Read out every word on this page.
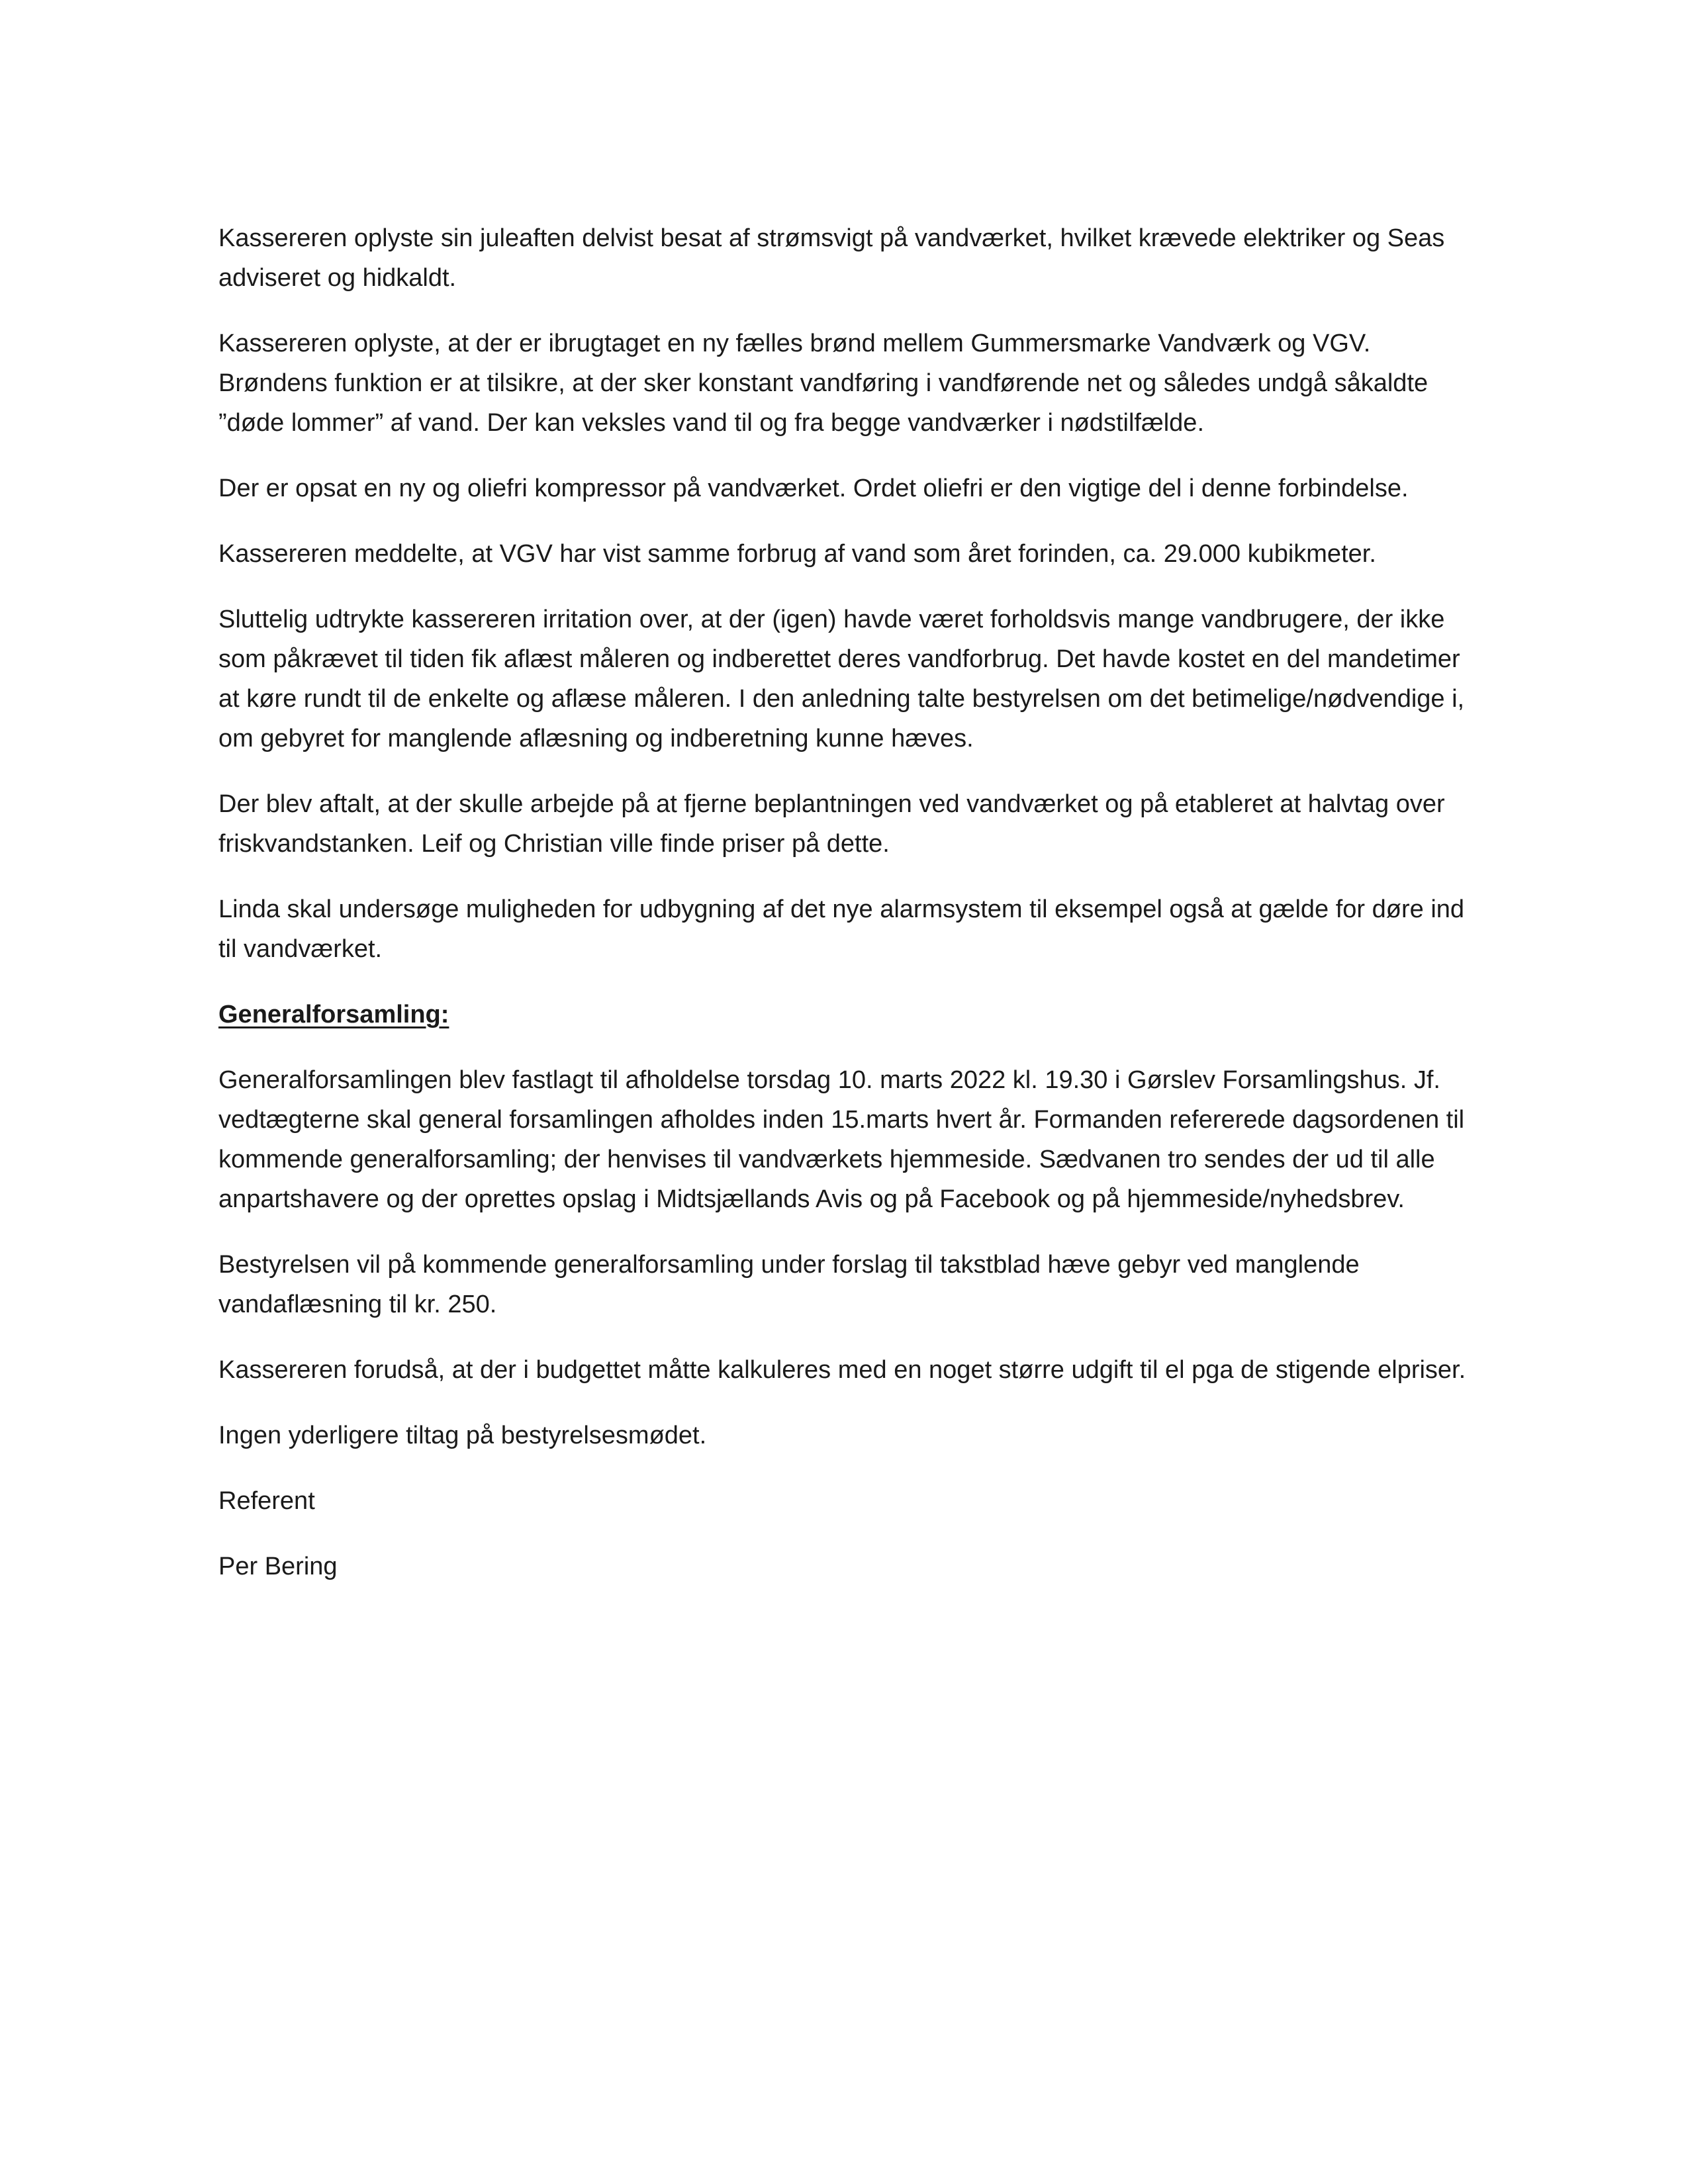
Kassereren oplyste sin juleaften delvist besat af strømsvigt på vandværket, hvilket krævede elektriker og Seas adviseret og hidkaldt.

Kassereren oplyste, at der er ibrugtaget en ny fælles brønd mellem Gummersmarke Vandværk og VGV. Brøndens funktion er at tilsikre, at der sker konstant vandføring i vandførende net og således undgå såkaldte ”døde lommer” af vand. Der kan veksles vand til og fra begge vandværker i nødstilfælde.

Der er opsat en ny og oliefri kompressor på vandværket. Ordet oliefri er den vigtige del i denne forbindelse.

Kassereren meddelte, at VGV har vist samme forbrug af vand som året forinden, ca. 29.000 kubikmeter.

Sluttelig udtrykte kassereren irritation over, at der (igen) havde været forholdsvis mange vandbrugere, der ikke som påkrævet til tiden fik aflæst måleren og indberettet deres vandforbrug. Det havde kostet en del mandetimer at køre rundt til de enkelte og aflæse måleren. I den anledning talte bestyrelsen om det betimelige/nødvendige i, om gebyret for manglende aflæsning og indberetning kunne hæves.

Der blev aftalt, at der skulle arbejde på at fjerne beplantningen ved vandværket og på etableret at halvtag over friskvandstanken. Leif og Christian ville finde priser på dette.

Linda skal undersøge muligheden for udbygning af det nye alarmsystem til eksempel også at gælde for døre ind til vandværket.

Generalforsamling:

Generalforsamlingen blev fastlagt til afholdelse torsdag 10. marts 2022 kl. 19.30 i Gørslev Forsamlingshus. Jf. vedtægterne skal general forsamlingen afholdes inden 15.marts hvert år. Formanden refererede dagsordenen til kommende generalforsamling; der henvises til vandværkets hjemmeside. Sædvanen tro sendes der ud til alle anpartshavere og der oprettes opslag i Midtsjællands Avis og på Facebook og på hjemmeside/nyhedsbrev.

Bestyrelsen vil på kommende generalforsamling under forslag til takstblad hæve gebyr ved manglende vandaflæsning til kr. 250.

Kassereren forudså, at der i budgettet måtte kalkuleres med en noget større udgift til el pga de stigende elpriser.

Ingen yderligere tiltag på bestyrelsesmødet.

Referent

Per Bering
